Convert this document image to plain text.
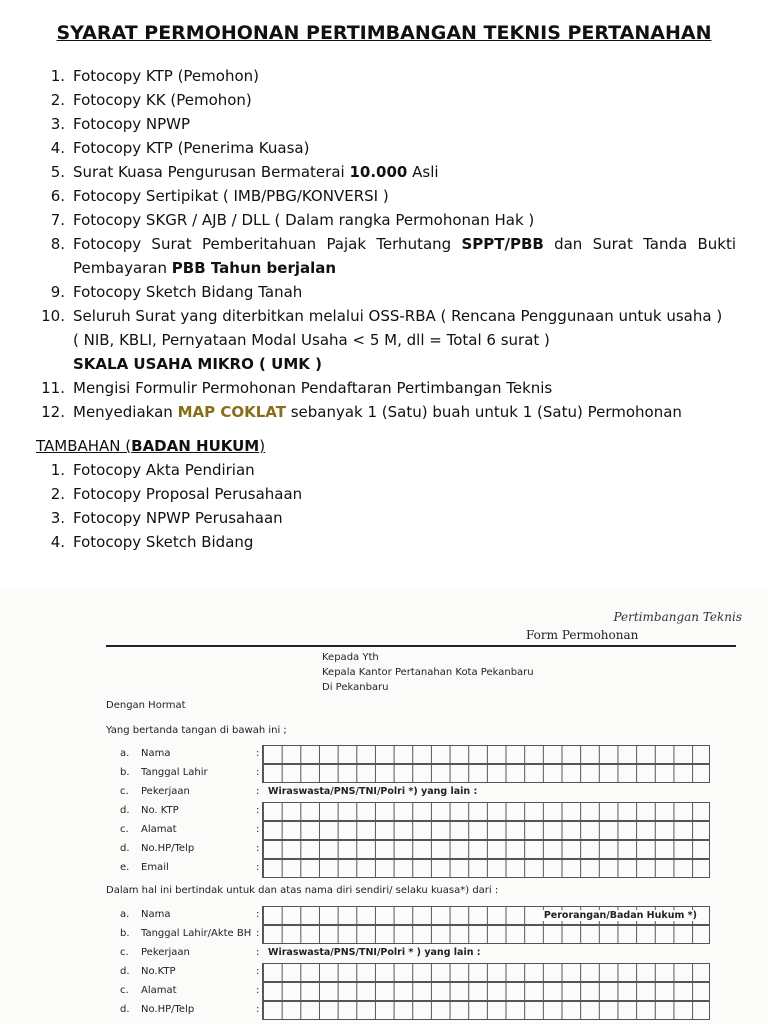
SYARAT PERMOHONAN PERTIMBANGAN TEKNIS PERTANAHAN
1. Fotocopy KTP (Pemohon)
2. Fotocopy KK (Pemohon)
3. Fotocopy NPWP
4. Fotocopy KTP (Penerima Kuasa)
5. Surat Kuasa Pengurusan Bermaterai 10.000 Asli
6. Fotocopy Sertipikat ( IMB/PBG/KONVERSI )
7. Fotocopy SKGR / AJB / DLL ( Dalam rangka Permohonan Hak )
8. Fotocopy Surat Pemberitahuan Pajak Terhutang SPPT/PBB dan Surat Tanda Bukti Pembayaran PBB Tahun berjalan
9. Fotocopy Sketch Bidang Tanah
10. Seluruh Surat yang diterbitkan melalui OSS-RBA ( Rencana Penggunaan untuk usaha )
( NIB, KBLI, Pernyataan Modal Usaha < 5 M, dll = Total 6 surat )
SKALA USAHA MIKRO ( UMK )
11. Mengisi Formulir Permohonan Pendaftaran Pertimbangan Teknis
12. Menyediakan MAP COKLAT sebanyak 1 (Satu) buah untuk 1 (Satu) Permohonan
TAMBAHAN (BADAN HUKUM)
1. Fotocopy Akta Pendirian
2. Fotocopy Proposal Perusahaan
3. Fotocopy NPWP Perusahaan
4. Fotocopy Sketch Bidang
Pertimbangan Teknis
Form Permohonan
Kepada Yth
Kepala Kantor Pertanahan Kota Pekanbaru
Di Pekanbaru
Dengan Hormat
Yang bertanda tangan di bawah ini ;
a.	Nama	:
b.	Tanggal Lahir	:
c.	Pekerjaan	: Wiraswasta/PNS/TNI/Polri *) yang lain :
d.	No. KTP	:
c.	Alamat	:
d.	No.HP/Telp	:
e.	Email	:
Dalam hal ini bertindak untuk dan atas nama diri sendiri/ selaku kuasa*) dari :
a.	Nama	:	Perorangan/Badan Hukum *)
b.	Tanggal Lahir/Akte BH :
c.	Pekerjaan	: Wiraswasta/PNS/TNI/Polri * ) yang lain :
d.	No.KTP	:
c.	Alamat	:
d.	No.HP/Telp	:
